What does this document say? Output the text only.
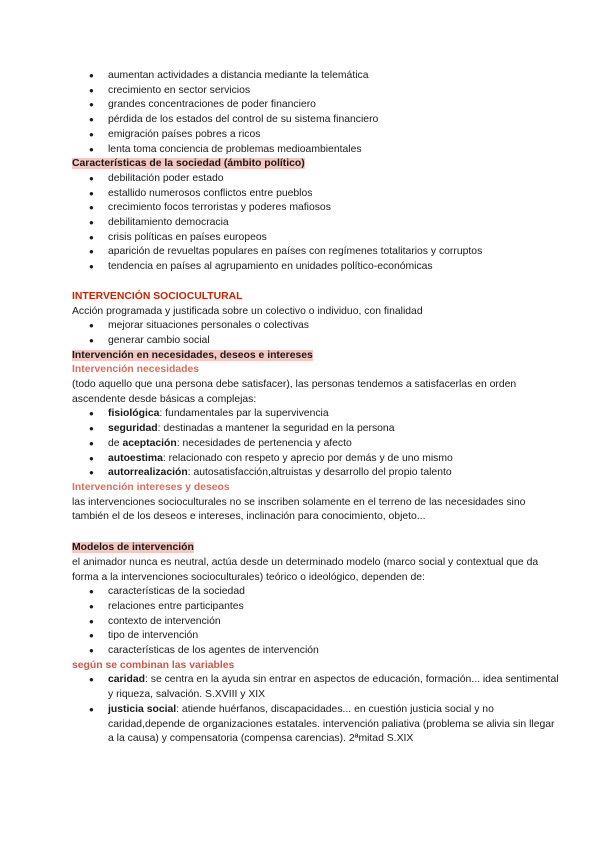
● aumentan actividades a distancia mediante la telemática
● crecimiento en sector servicios
● grandes concentraciones de poder financiero
● pérdida de los estados del control de su sistema financiero
● emigración países pobres a ricos
● lenta toma conciencia de problemas medioambientales

Características de la sociedad (ámbito político)

● debilitación poder estado
● estallido numerosos conflictos entre pueblos
● crecimiento focos terroristas y poderes mafiosos
● debilitamiento democracia
● crisis políticas en países europeos
● aparición de revueltas populares en países con regímenes totalitarios y corruptos
● tendencia en países al agrupamiento en unidades político-económicas

INTERVENCIÓN SOCIOCULTURAL

Acción programada y justificada sobre un colectivo o individuo, con finalidad

● mejorar situaciones personales o colectivas
● generar cambio social

Intervención en necesidades, deseos e intereses

Intervención necesidades

(todo aquello que una persona debe satisfacer), las personas tendemos a satisfacerlas en orden ascendente desde básicas a complejas:

● fisiológica: fundamentales par la supervivencia
● seguridad: destinadas a mantener la seguridad en la persona
● de aceptación: necesidades de pertenencia y afecto
● autoestima: relacionado con respeto y aprecio por demás y de uno mismo
● autorrealización: autosatisfacción,altruistas y desarrollo del propio talento

Intervención intereses y deseos

las intervenciones socioculturales no se inscriben solamente en el terreno de las necesidades sino también el de los deseos e intereses, inclinación para conocimiento, objeto...

Modelos de intervención

el animador nunca es neutral, actúa desde un determinado modelo (marco social y contextual que da forma a la intervenciones socioculturales) teórico o ideológico, dependen de:

● características de la sociedad
● relaciones entre participantes
● contexto de intervención
● tipo de intervención
● características de los agentes de intervención

según se combinan las variables

● caridad: se centra en la ayuda sin entrar en aspectos de educación, formación... idea sentimental y riqueza, salvación. S.XVIII y XIX
● justicia social: atiende huérfanos, discapacidades... en cuestión justicia social y no caridad,depende de organizaciones estatales. intervención paliativa (problema se alivia sin llegar a la causa) y compensatoria (compensa carencias). 2ªmitad S.XIX
